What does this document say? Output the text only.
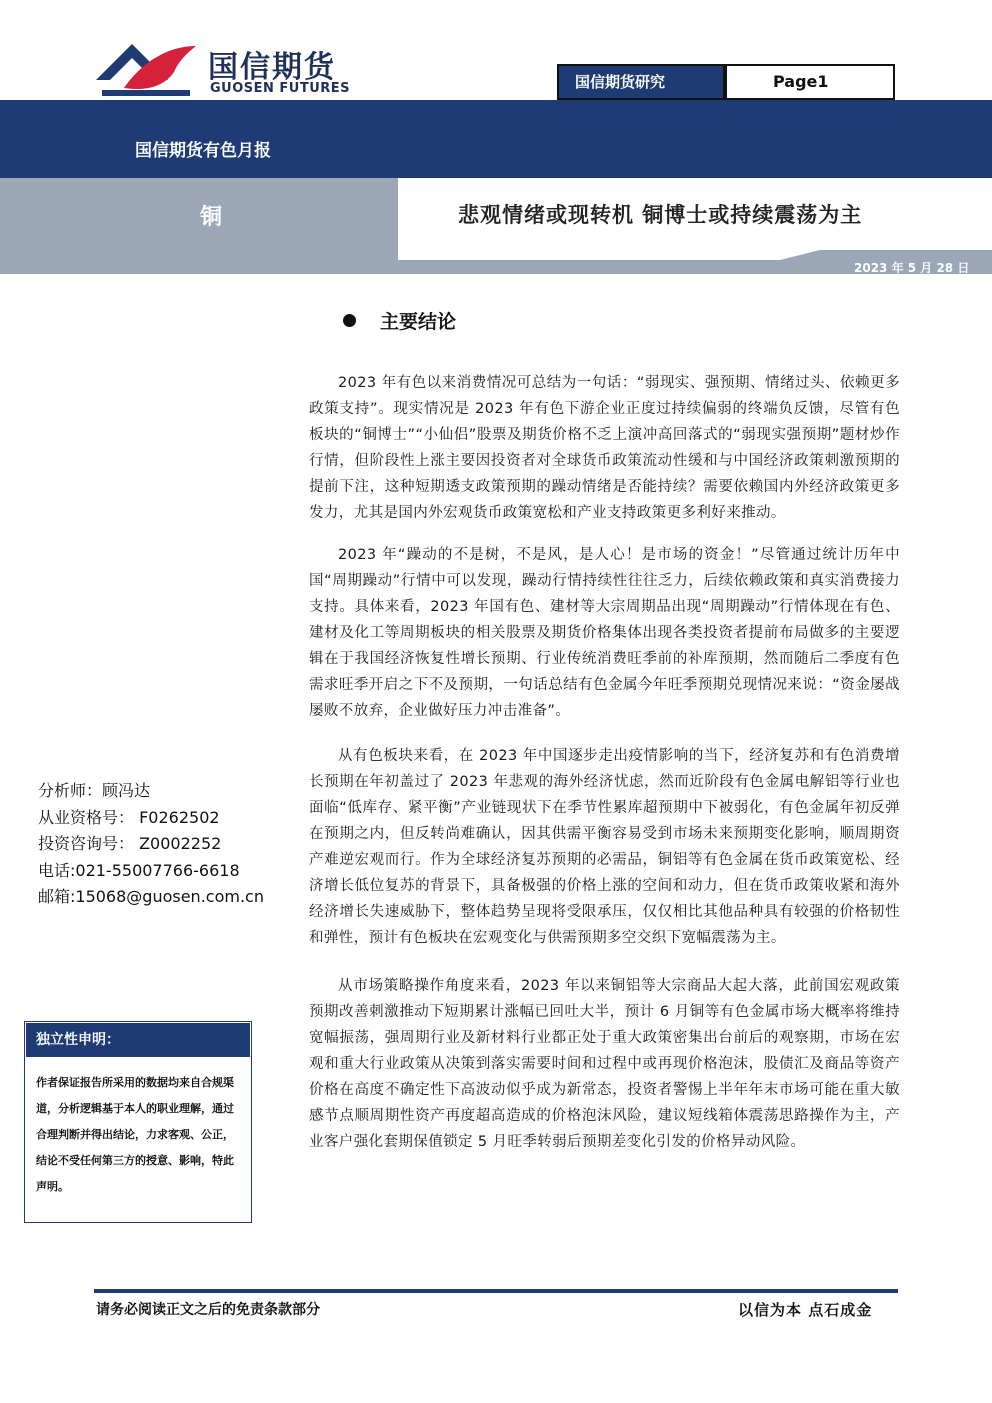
国信期货
GUOSEN FUTURES	国信期货研究	Page1
国信期货有色月报
铜	悲观情绪或现转机 铜博士或持续震荡为主
2023 年 5 月 28 日
主要结论

2023 年有色以来消费情况可总结为一句话：“弱现实、强预期、情绪过头、依赖更多政策支持”。现实情况是 2023 年有色下游企业正度过持续偏弱的终端负反馈，尽管有色板块的“铜博士”“小仙侣”股票及期货价格不乏上演冲高回落式的“弱现实强预期”题材炒作行情，但阶段性上涨主要因投资者对全球货币政策流动性缓和与中国经济政策刺激预期的提前下注，这种短期透支政策预期的躁动情绪是否能持续？需要依赖国内外经济政策更多发力，尤其是国内外宏观货币政策宽松和产业支持政策更多利好来推动。

2023 年“躁动的不是树，不是风，是人心！是市场的资金！”尽管通过统计历年中国“周期躁动”行情中可以发现，躁动行情持续性往往乏力，后续依赖政策和真实消费接力支持。具体来看，2023 年国有色、建材等大宗周期品出现“周期躁动”行情体现在有色、建材及化工等周期板块的相关股票及期货价格集体出现各类投资者提前布局做多的主要逻辑在于我国经济恢复性增长预期、行业传统消费旺季前的补库预期，然而随后二季度有色需求旺季开启之下不及预期，一句话总结有色金属今年旺季预期兑现情况来说：“资金屡战屡败不放弃，企业做好压力冲击准备”。

从有色板块来看，在 2023 年中国逐步走出疫情影响的当下，经济复苏和有色消费增长预期在年初盖过了 2023 年悲观的海外经济忧虑，然而近阶段有色金属电解铝等行业也面临“低库存、紧平衡”产业链现状下在季节性累库超预期中下被弱化，有色金属年初反弹在预期之内，但反转尚难确认，因其供需平衡容易受到市场未来预期变化影响，顺周期资产难逆宏观而行。作为全球经济复苏预期的必需品，铜铝等有色金属在货币政策宽松、经济增长低位复苏的背景下，具备极强的价格上涨的空间和动力，但在货币政策收紧和海外经济增长失速威胁下，整体趋势呈现将受限承压，仅仅相比其他品种具有较强的价格韧性和弹性，预计有色板块在宏观变化与供需预期多空交织下宽幅震荡为主。

从市场策略操作角度来看，2023 年以来铜铝等大宗商品大起大落，此前国宏观政策预期改善刺激推动下短期累计涨幅已回吐大半，预计 6 月铜等有色金属市场大概率将维持宽幅振荡，强周期行业及新材料行业都正处于重大政策密集出台前后的观察期，市场在宏观和重大行业政策从决策到落实需要时间和过程中或再现价格泡沫，股债汇及商品等资产价格在高度不确定性下高波动似乎成为新常态，投资者警惕上半年年末市场可能在重大敏感节点顺周期性资产再度超高造成的价格泡沫风险，建议短线箱体震荡思路操作为主，产业客户强化套期保值锁定 5 月旺季转弱后预期差变化引发的价格异动风险。

分析师：顾冯达
从业资格号： F0262502
投资咨询号： Z0002252
电话:021-55007766-6618
邮箱:15068@guosen.com.cn
独立性申明：
作者保证报告所采用的数据均来自合规渠道，分析逻辑基于本人的职业理解，通过合理判断并得出结论，力求客观、公正，结论不受任何第三方的授意、影响，特此声明。
请务必阅读正文之后的免责条款部分	以信为本 点石成金
